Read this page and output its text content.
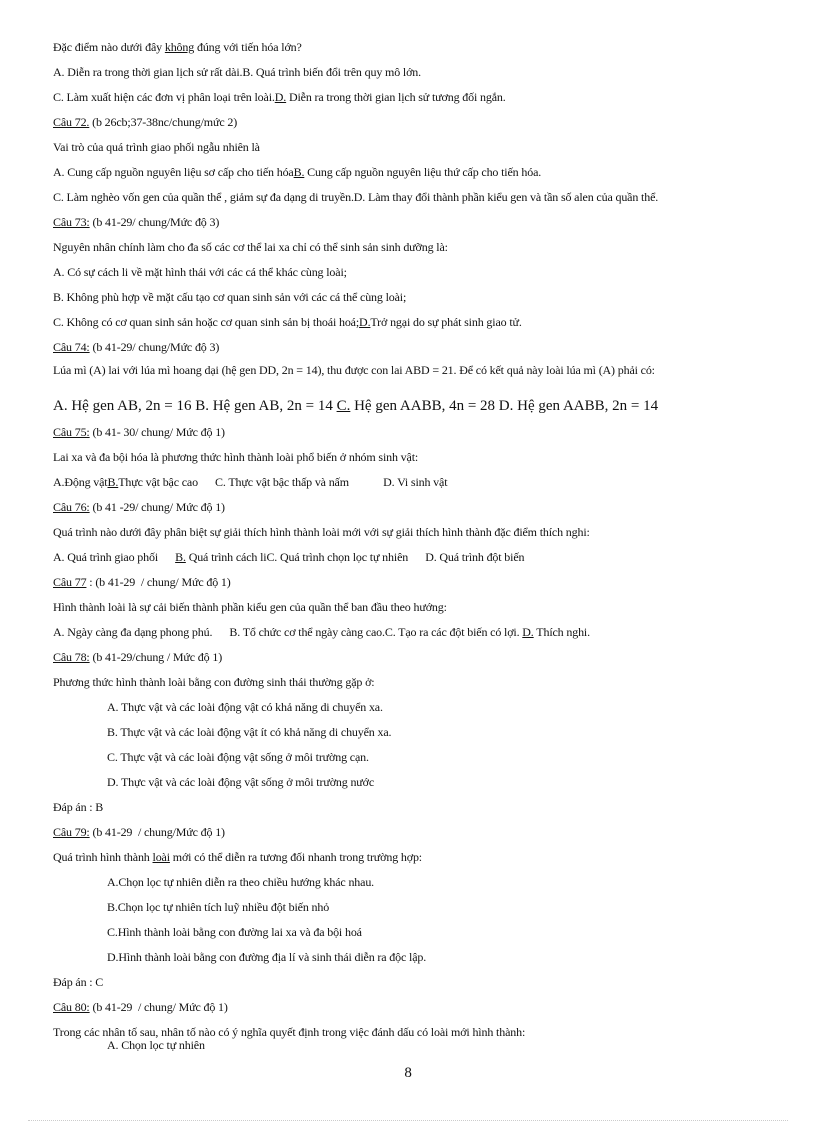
Đặc điểm nào dưới đây không đúng với tiến hóa lớn?
A. Diễn ra trong thời gian lịch sử rất dài.B. Quá trình biến đổi trên quy mô lớn.
C. Làm xuất hiện các đơn vị phân loại trên loài.D. Diễn ra trong thời gian lịch sử tương đối ngắn.
Câu 72. (b 26cb;37-38nc/chung/mức 2)
Vai trò của quá trình giao phối ngẫu nhiên là
A. Cung cấp nguồn nguyên liệu sơ cấp cho tiến hóaB. Cung cấp nguồn nguyên liệu thứ cấp cho tiến hóa.
C. Làm nghèo vốn gen của quần thể , giảm sự đa dạng di truyền.D. Làm thay đổi thành phần kiểu gen và tần số alen của quần thể.
Câu 73: (b 41-29/ chung/Mức độ 3)
Nguyên nhân chính làm cho đa số các cơ thể lai xa chỉ có thể sinh sản sinh dưỡng là:
A. Có sự cách li về mặt hình thái với các cá thể khác cùng loài;
B. Không phù hợp về mặt cấu tạo cơ quan sinh sản với các cá thể cùng loài;
C. Không có cơ quan sinh sản hoặc cơ quan sinh sản bị thoái hoá;D.Trở ngại do sự phát sinh giao tử.
Câu 74: (b 41-29/ chung/Mức độ 3)
Lúa mì (A) lai với lúa mì hoang dại (hệ gen DD, 2n = 14), thu được con lai ABD = 21. Để có kết quả này loài lúa mì (A) phải có:
A. Hệ gen AB, 2n = 16 B. Hệ gen AB, 2n = 14 C. Hệ gen AABB, 4n = 28 D. Hệ gen AABB, 2n = 14
Câu 75: (b 41- 30/ chung/ Mức độ 1)
Lai xa và đa bội hóa là phương thức hình thành loài phổ biến ở nhóm sinh vật:
A.Động vậtB.Thực vật bậc cao      C. Thực vật bậc thấp và nấm            D. Vi sinh vật
Câu 76: (b 41 -29/ chung/ Mức độ 1)
Quá trình nào dưới đây phân biệt sự giải thích hình thành loài mới với sự giải thích hình thành đặc điểm thích nghi:
A. Quá trình giao phối      B. Quá trình cách liC. Quá trình chọn lọc tự nhiên      D. Quá trình đột biến
Câu 77 : (b 41-29  / chung/ Mức độ 1)
Hình thành loài là sự cải biến thành phần kiểu gen của quần thể ban đầu theo hướng:
A. Ngày càng đa dạng phong phú.      B. Tổ chức cơ thể ngày càng cao.C. Tạo ra các đột biến có lợi. D. Thích nghi.
Câu 78: (b 41-29/chung / Mức độ 1)
Phương thức hình thành loài bằng con đường sinh thái thường gặp ở:
A. Thực vật và các loài động vật có khả năng di chuyển xa.
B. Thực vật và các loài động vật ít có khả năng di chuyển xa.
C. Thực vật và các loài động vật sống ở môi trường cạn.
D. Thực vật và các loài động vật sống ở môi trường nước
Đáp án : B
Câu 79: (b 41-29  / chung/Mức độ 1)
Quá trình hình thành loài mới có thể diễn ra tương đối nhanh trong trường hợp:
A.Chọn lọc tự nhiên diễn ra theo chiều hướng khác nhau.
B.Chọn lọc tự nhiên tích luỹ nhiều đột biến nhỏ
C.Hình thành loài bằng con đường lai xa và đa bội hoá
D.Hình thành loài bằng con đường địa lí và sinh thái diễn ra độc lập.
Đáp án : C
Câu 80: (b 41-29  / chung/ Mức độ 1)
Trong các nhân tố sau, nhân tố nào có ý nghĩa quyết định trong việc đánh dấu có loài mới hình thành:
A. Chọn lọc tự nhiên
8
